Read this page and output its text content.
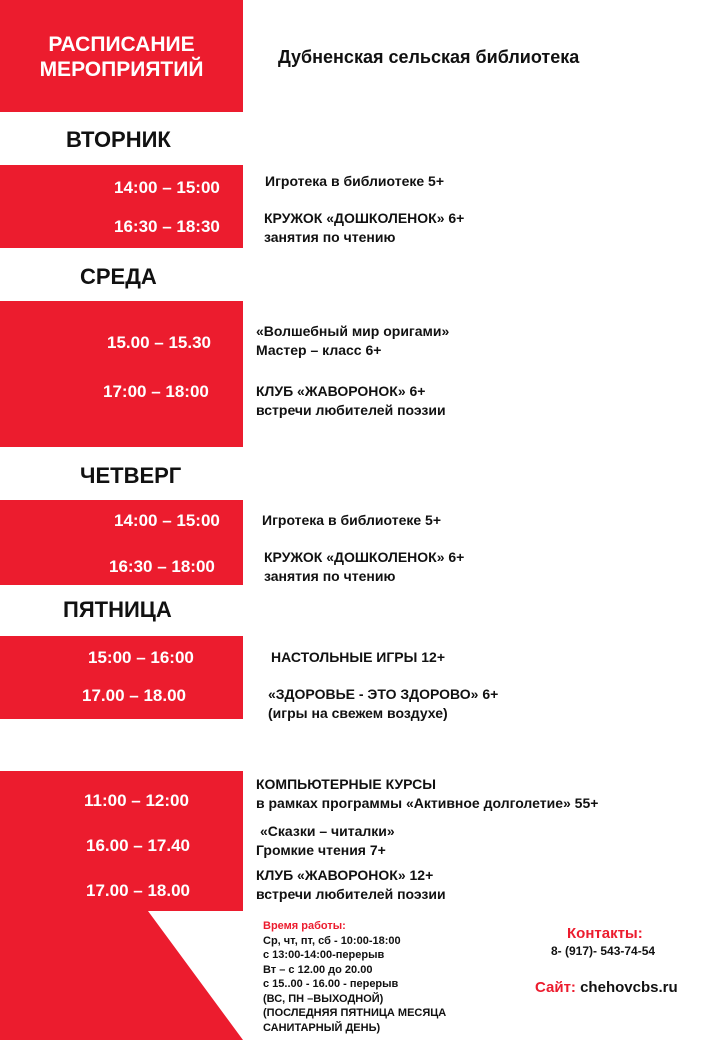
РАСПИСАНИЕ
МЕРОПРИЯТИЙ
Дубненская сельская библиотека
ВТОРНИК
14:00 – 15:00
16:30 – 18:30
Игротека в библиотеке 5+
КРУЖОК «ДОШКОЛЕНОК» 6+
занятия по чтению
СРЕДА
15.00 – 15.30
17:00 – 18:00
«Волшебный мир оригами»
Мастер – класс 6+
КЛУБ «ЖАВОРОНОК» 6+
встречи любителей поэзии
ЧЕТВЕРГ
14:00 – 15:00
16:30 – 18:00
Игротека в библиотеке 5+
КРУЖОК «ДОШКОЛЕНОК» 6+
занятия по чтению
ПЯТНИЦА
15:00 – 16:00
17.00 – 18.00
НАСТОЛЬНЫЕ ИГРЫ 12+
«ЗДОРОВЬЕ - ЭТО ЗДОРОВО» 6+
(игры на свежем воздухе)
11:00 – 12:00
16.00 – 17.40
17.00 – 18.00
КОМПЬЮТЕРНЫЕ КУРСЫ
в рамках программы «Активное долголетие» 55+
«Сказки – читалки»
Громкие чтения 7+
КЛУБ «ЖАВОРОНОК» 12+
встречи любителей поэзии
Время работы:
Ср, чт, пт, сб - 10:00-18:00
с 13:00-14:00-перерыв
Вт – с 12.00 до 20.00
с 15..00 - 16.00 - перерыв
(ВС, ПН –ВЫХОДНОЙ)
(ПОСЛЕДНЯЯ ПЯТНИЦА МЕСЯЦА
САНИТАРНЫЙ ДЕНЬ)
Контакты:
8- (917)- 543-74-54
Сайт: chehovcbs.ru
